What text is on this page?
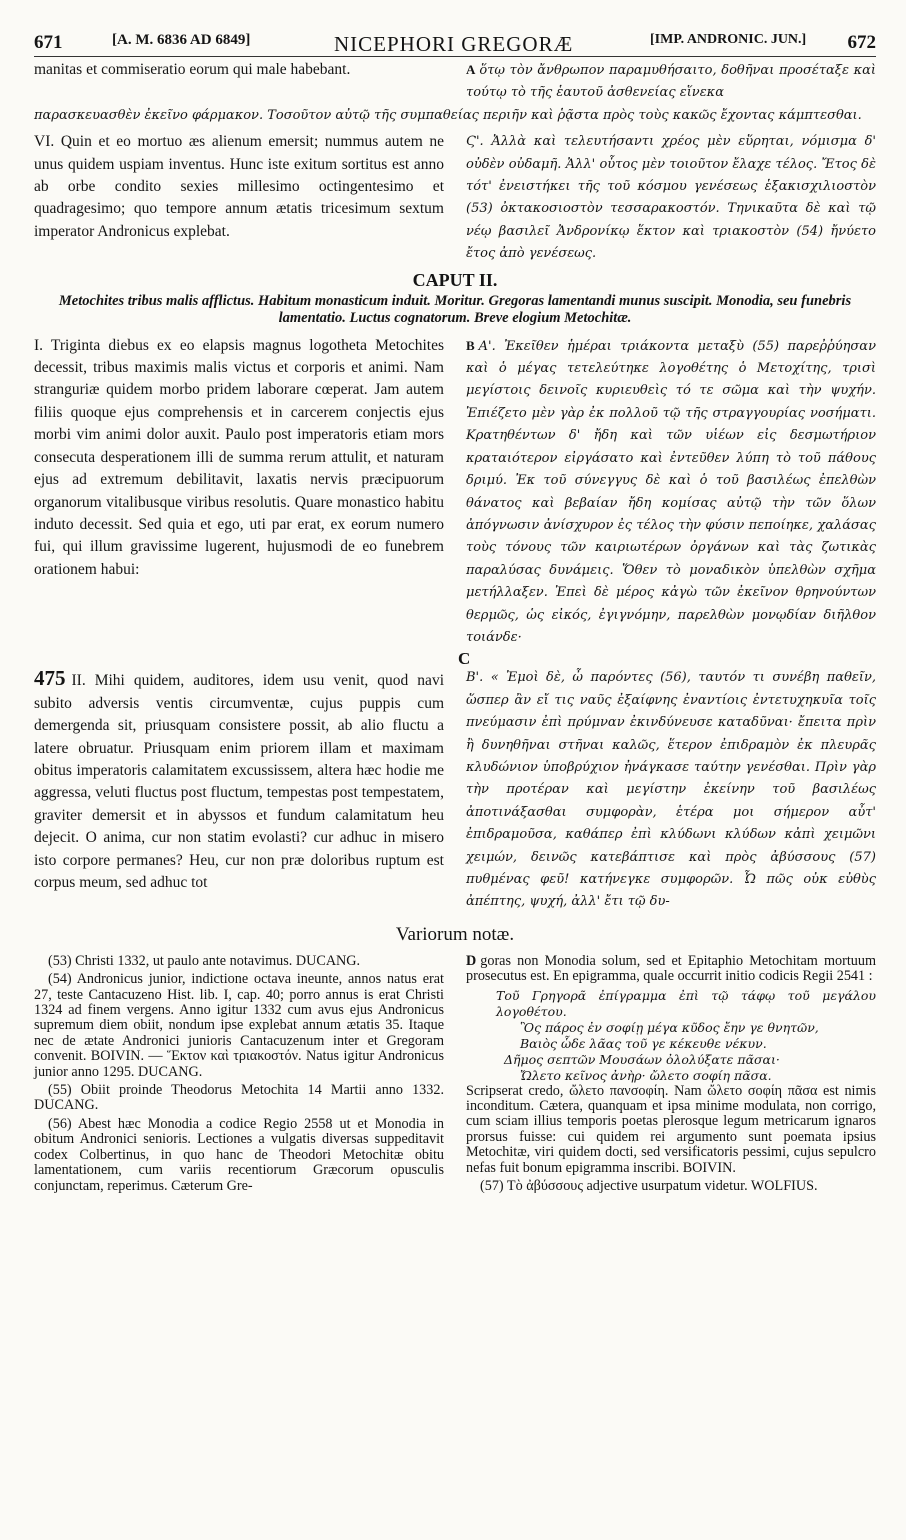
671	[A. M. 6836 AD 6849]	NICEPHORI GREGORÆ	[IMP. ANDRONIC. JUN.] 672
manitas et commiseratio eorum qui male habebant.	A ὅτῳ τὸν ἄνθρωπον παραμυθήσαιτο, δοθῆναι προσέταξε καὶ τούτῳ τὸ τῆς ἑαυτοῦ ἀσθενείας εἵνεκα
παρασκευασθὲν ἐκεῖνο φάρμακον. Τοσοῦτον αὐτῷ τῆς συμπαθείας περιῆν καὶ ῥᾷστα πρὸς τοὺς κακῶς ἔχοντας κάμπτεσθαι.
VI. Quin et eo mortuo æs alienum emersit; nummus autem ne unus quidem uspiam inventus. Hunc iste exitum sortitus est anno ab orbe condito sexies millesimo octingentesimo et quadragesimo; quo tempore annum ætatis tricesimum sextum imperator Andronicus explebat.
Ϛ'. Ἀλλὰ καὶ τελευτήσαντι χρέος μὲν εὕρηται, νόμισμα δ' οὐδὲν οὐδαμῆ. Ἀλλ' οὗτος μὲν τοιοῦτον ἔλαχε τέλος. Ἔτος δὲ τότ' ἐνειστήκει τῆς τοῦ κόσμου γενέσεως ἑξακισχιλιοστὸν (53) ὀκτακοσιοστὸν τεσσαρακοστόν. Τηνικαῦτα δὲ καὶ τῷ νέῳ βασιλεῖ Ἀνδρονίκῳ ἕκτον καὶ τριακοστὸν (54) ἤνύετο ἔτος ἀπὸ γενέσεως.
CAPUT II.
Metochites tribus malis afflictus. Habitum monasticum induit. Moritur. Gregoras lamentandi munus suscipit. Monodia, seu funebris lamentatio. Luctus cognatorum. Breve elogium Metochitæ.
I. Triginta diebus ex eo elapsis magnus logotheta Metochites decessit, tribus maximis malis victus et corporis et animi. Nam stranguriæ quidem morbo pridem laborare cœperat. Jam autem filiis quoque ejus comprehensis et in carcerem conjectis ejus morbi vim animi dolor auxit. Paulo post imperatoris etiam mors consecuta desperationem illi de summa rerum attulit, et naturam ejus ad extremum debilitavit, laxatis nervis præcipuorum organorum vitalibusque viribus resolutis. Quare monastico habitu induto decessit. Sed quia et ego, uti par erat, ex eorum numero fui, qui illum gravissime lugerent, hujusmodi de eo funebrem orationem habui:
B Α'. Ἐκεῖθεν ἡμέραι τριάκοντα μεταξὺ (55) παρεῤῥύησαν καὶ ὁ μέγας τετελεύτηκε λογοθέτης ὁ Μετοχίτης, τρισὶ μεγίστοις δεινοῖς κυριευθεὶς τό τε σῶμα καὶ τὴν ψυχήν. Ἐπιέζετο μὲν γὰρ ἐκ πολλοῦ τῷ τῆς στραγγουρίας νοσήματι. Κρατηθέντων δ' ἤδη καὶ τῶν υἱέων εἰς δεσμωτήριον κραταιότερον εἰργάσατο καὶ ἐντεῦθεν λύπη τὸ τοῦ πάθους δριμύ. Ἐκ τοῦ σύνεγγυς δὲ καὶ ὁ τοῦ βασιλέως ἐπελθὼν θάνατος καὶ βεβαίαν ἤδη κομίσας αὐτῷ τὴν τῶν ὅλων ἀπόγνωσιν ἀνίσχυρον ἐς τέλος τὴν φύσιν πεποίηκε, χαλάσας τοὺς τόνους τῶν καιριωτέρων ὀργάνων καὶ τὰς ζωτικὰς παραλύσας δυνάμεις. Ὅθεν τὸ μοναδικὸν ὑπελθὼν σχῆμα μετήλλαξεν. Ἐπεὶ δὲ μέρος κἀγὼ τῶν ἐκεῖνον θρηνούντων θερμῶς, ὡς εἰκός, ἐγιγνόμην, παρελθὼν μονῳδίαν διῆλθον τοιάνδε·
C
475 II. Mihi quidem, auditores, idem usu venit, quod navi subito adversis ventis circumventæ, cujus puppis cum demergenda sit, priusquam consistere possit, ab alio fluctu a latere obruatur. Priusquam enim priorem illam et maximam obitus imperatoris calamitatem excussissem, altera hæc hodie me aggressa, veluti fluctus post fluctum, tempestas post tempestatem, graviter demersit et in abyssos et fundum calamitatum heu dejecit. O anima, cur non statim evolasti? cur adhuc in misero isto corpore permanes? Heu, cur non præ doloribus ruptum est corpus meum, sed adhuc tot
Β'. « Ἐμοὶ δὲ, ὦ παρόντες (56), ταυτόν τι συνέβη παθεῖν, ὥσπερ ἂν εἴ τις ναῦς ἐξαίφνης ἐναντίοις ἐντετυχηκυῖα τοῖς πνεύμασιν ἐπὶ πρύμναν ἐκινδύνευσε καταδῦναι· ἔπειτα πρὶν ἢ δυνηθῆναι στῆναι καλῶς, ἕτερον ἐπιδραμὸν ἐκ πλευρᾶς κλυδώνιον ὑποβρύχιον ἠνάγκασε ταύτην γενέσθαι. Πρὶν γὰρ τὴν προτέραν καὶ μεγίστην ἐκείνην τοῦ βασιλέως ἀποτινάξασθαι συμφορὰν, ἑτέρα μοι σήμερον αὖτ' ἐπιδραμοῦσα, καθάπερ ἐπὶ κλύδωνι κλύδων κἀπὶ χειμῶνι χειμών, δεινῶς κατεβάπτισε καὶ πρὸς ἀβύσσους (57) πυθμένας φεῦ! κατήνεγκε συμφορῶν. Ὦ πῶς οὐκ εὐθὺς ἀπέπτης, ψυχή, ἀλλ' ἔτι τῷ δυ-
Variorum notæ.

(53) Christi 1332, ut paulo ante notavimus. DUCANG.

(54) Andronicus junior, indictione octava ineunte, annos natus erat 27, teste Cantacuzeno Hist. lib. I, cap. 40; porro annus is erat Christi 1324 ad finem vergens. Anno igitur 1332 cum avus ejus Andronicus supremum diem obiit, nondum ipse explebat annum ætatis 35. Itaque nec de ætate Andronici junioris Cantacuzenum inter et Gregoram convenit. BOIVIN. — Ἕκτον καὶ τριακοστόν. Natus igitur Andronicus junior anno 1295. DUCANG.

(55) Obiit proinde Theodorus Metochita 14 Martii anno 1332. DUCANG.

(56) Abest hæc Monodia a codice Regio 2558 ut et Monodia in obitum Andronici senioris. Lectiones a vulgatis diversas suppeditavit codex Colbertinus, in quo hanc de Theodori Metochitæ obitu lamentationem, cum variis recentiorum Græcorum opusculis conjunctam, reperimus. Cæterum Gre-

D goras non Monodia solum, sed et Epitaphio Metochitam mortuum prosecutus est. En epigramma, quale occurrit initio codicis Regii 2541 :

Τοῦ Γρηγορᾶ ἐπίγραμμα ἐπὶ τῷ τάφῳ τοῦ μεγάλου λογοθέτου.
Ὃς πάρος ἐν σοφίῃ μέγα κῦδος ἔην γε θνητῶν,
Βαιὸς ὧδε λᾶας τοῦ γε κέκευθε νέκυν.
Δῆμος σεπτῶν Μουσάων ὀλολύξατε πᾶσαι·
Ὤλετο κεῖνος ἀνὴρ· ὤλετο σοφίη πᾶσα.

Scripserat credo, ὤλετο πανσοφίη. Nam ὤλετο σοφίη πᾶσα est nimis inconditum. Cætera, quanquam et ipsa minime modulata, non corrigo, cum sciam illius temporis poetas plerosque legum metricarum ignaros prorsus fuisse: cui quidem rei argumento sunt poemata ipsius Metochitæ, viri quidem docti, sed versificatoris pessimi, cujus sepulcro nefas fuit bonum epigramma inscribi. BOIVIN.

(57) Τὸ ἀβύσσους adjective usurpatum videtur. WOLFIUS.
